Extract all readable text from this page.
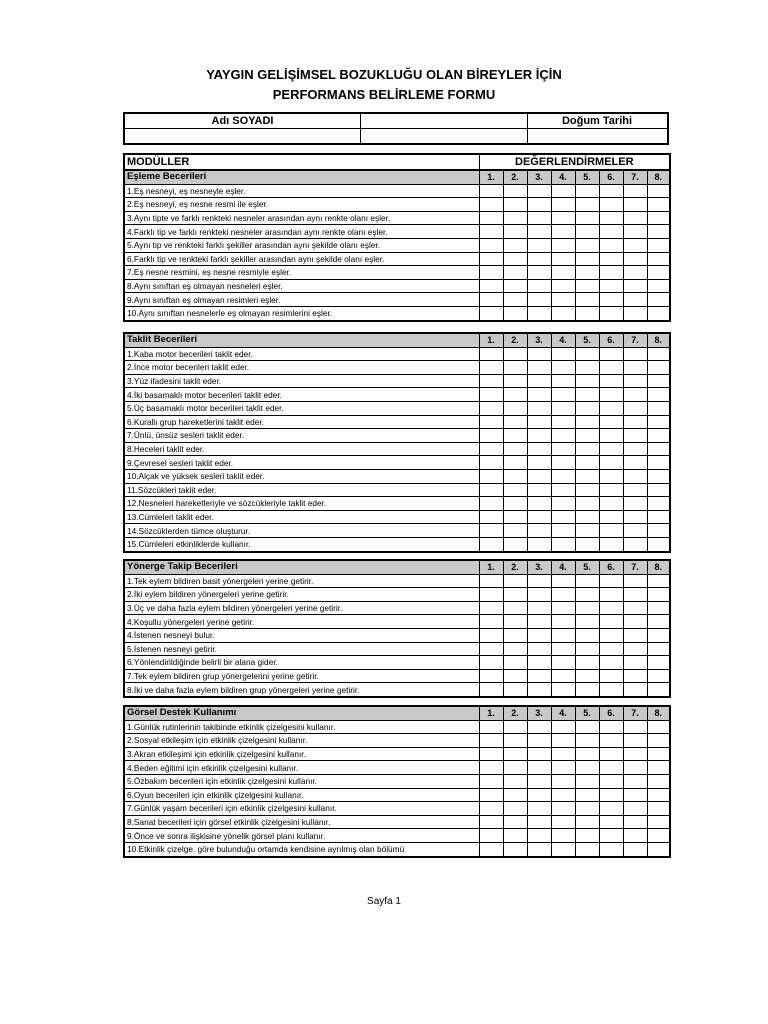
YAYGIN GELİŞİMSEL BOZUKLUĞU OLAN BİREYLER İÇİN
PERFORMANS BELİRLEME FORMU
Adı SOYADI	Doğum Tarihi
MODÜLLER	DEĞERLENDİRMELER							
Eşleme Becerileri	1.	2.	3.	4.	5.	6.	7.	8.
1.Eş nesneyi, eş nesneyle eşler.								
2.Eş nesneyi, eş nesne resmi ile eşler.								
3.Aynı tipte ve farklı renkteki nesneler arasından aynı renkte olanı eşler.								
4.Farklı tip ve farklı renkteki nesneler arasından aynı renkte olanı eşler.								
5.Aynı tip ve renkteki farklı şekiller arasından aynı şekilde olanı eşler.								
6.Farklı tip ve renkteki farklı şekiller arasından aynı şekilde olanı eşler.								
7.Eş nesne resmini, eş nesne resmiyle eşler.								
8.Aynı sınıftan eş olmayan nesneleri eşler.								
9.Aynı sınıftan eş olmayan resimleri eşler.								
10.Aynı sınıftan nesnelerle eş olmayan resimlerini eşler.								
Taklit Becerileri	1.	2.	3.	4.	5.	6.	7.	8.
1.Kaba motor becerileri taklit eder.								
2.İnce motor becerileri taklit eder.								
3.Yüz ifadesini taklit eder.								
4.İki basamaklı motor becerileri taklit eder.								
5.Üç basamaklı motor becerileri taklit eder.								
6.Kurallı grup hareketlerini taklit eder.								
7.Ünlü, ünsüz sesleri taklit eder.								
8.Heceleri taklit eder.								
9.Çevresel sesleri taklit eder.								
10.Alçak ve yüksek sesleri taklit eder.								
11.Sözcükleri taklit eder.								
12.Nesneleri hareketleriyle ve sözcükleriyle taklit eder.								
13.Cümleleri taklit eder.								
14.Sözcüklerden tümce oluşturur.								
15.Cümleleri etkinliklerde kullanır.								
Yönerge Takip Becerileri	1.	2.	3.	4.	5.	6.	7.	8.
1.Tek eylem bildiren basit yönergeleri yerine getirir.								
2.İki eylem bildiren yönergeleri yerine getirir.								
3.Üç ve daha fazla eylem bildiren yönergeleri yerine getirir.								
4.Koşullu yönergeleri yerine getirir.								
4.İstenen nesneyi bulur.								
5.İstenen nesneyi getirir.								
6.Yönlendirildiğinde belirli bir alana gider.								
7.Tek eylem bildiren grup yönergelerini yerine getirir.								
8.İki ve daha fazla eylem bildiren grup yönergeleri yerine getirir.								
Görsel Destek Kullanımı	1.	2.	3.	4.	5.	6.	7.	8.
1.Günlük rutinlerinin takibinde etkinlik çizelgesini kullanır.								
2.Sosyal etkileşim için etkinlik çizelgesini kullanır.								
3.Akran etkileşimi için etkinlik çizelgesini kullanır.								
4.Beden eğitimi için etkinlik çizelgesini kullanır.								
5.Özbakım becerileri için etkinlik çizelgesini kullanır.								
6.Oyun becerileri için etkinlik çizelgesini kullanır.								
7.Günlük yaşam becerileri için etkinlik çizelgesini kullanır.								
8.Sanat becerileri için görsel etkinlik çizelgesini kullanır.								
9.Önce ve sonra ilişkisine yönelik görsel planı kullanır.								
10.Etkinlik çizelge. göre bulunduğu ortamda kendisine ayrılmış olan bölümü								
Sayfa 1
